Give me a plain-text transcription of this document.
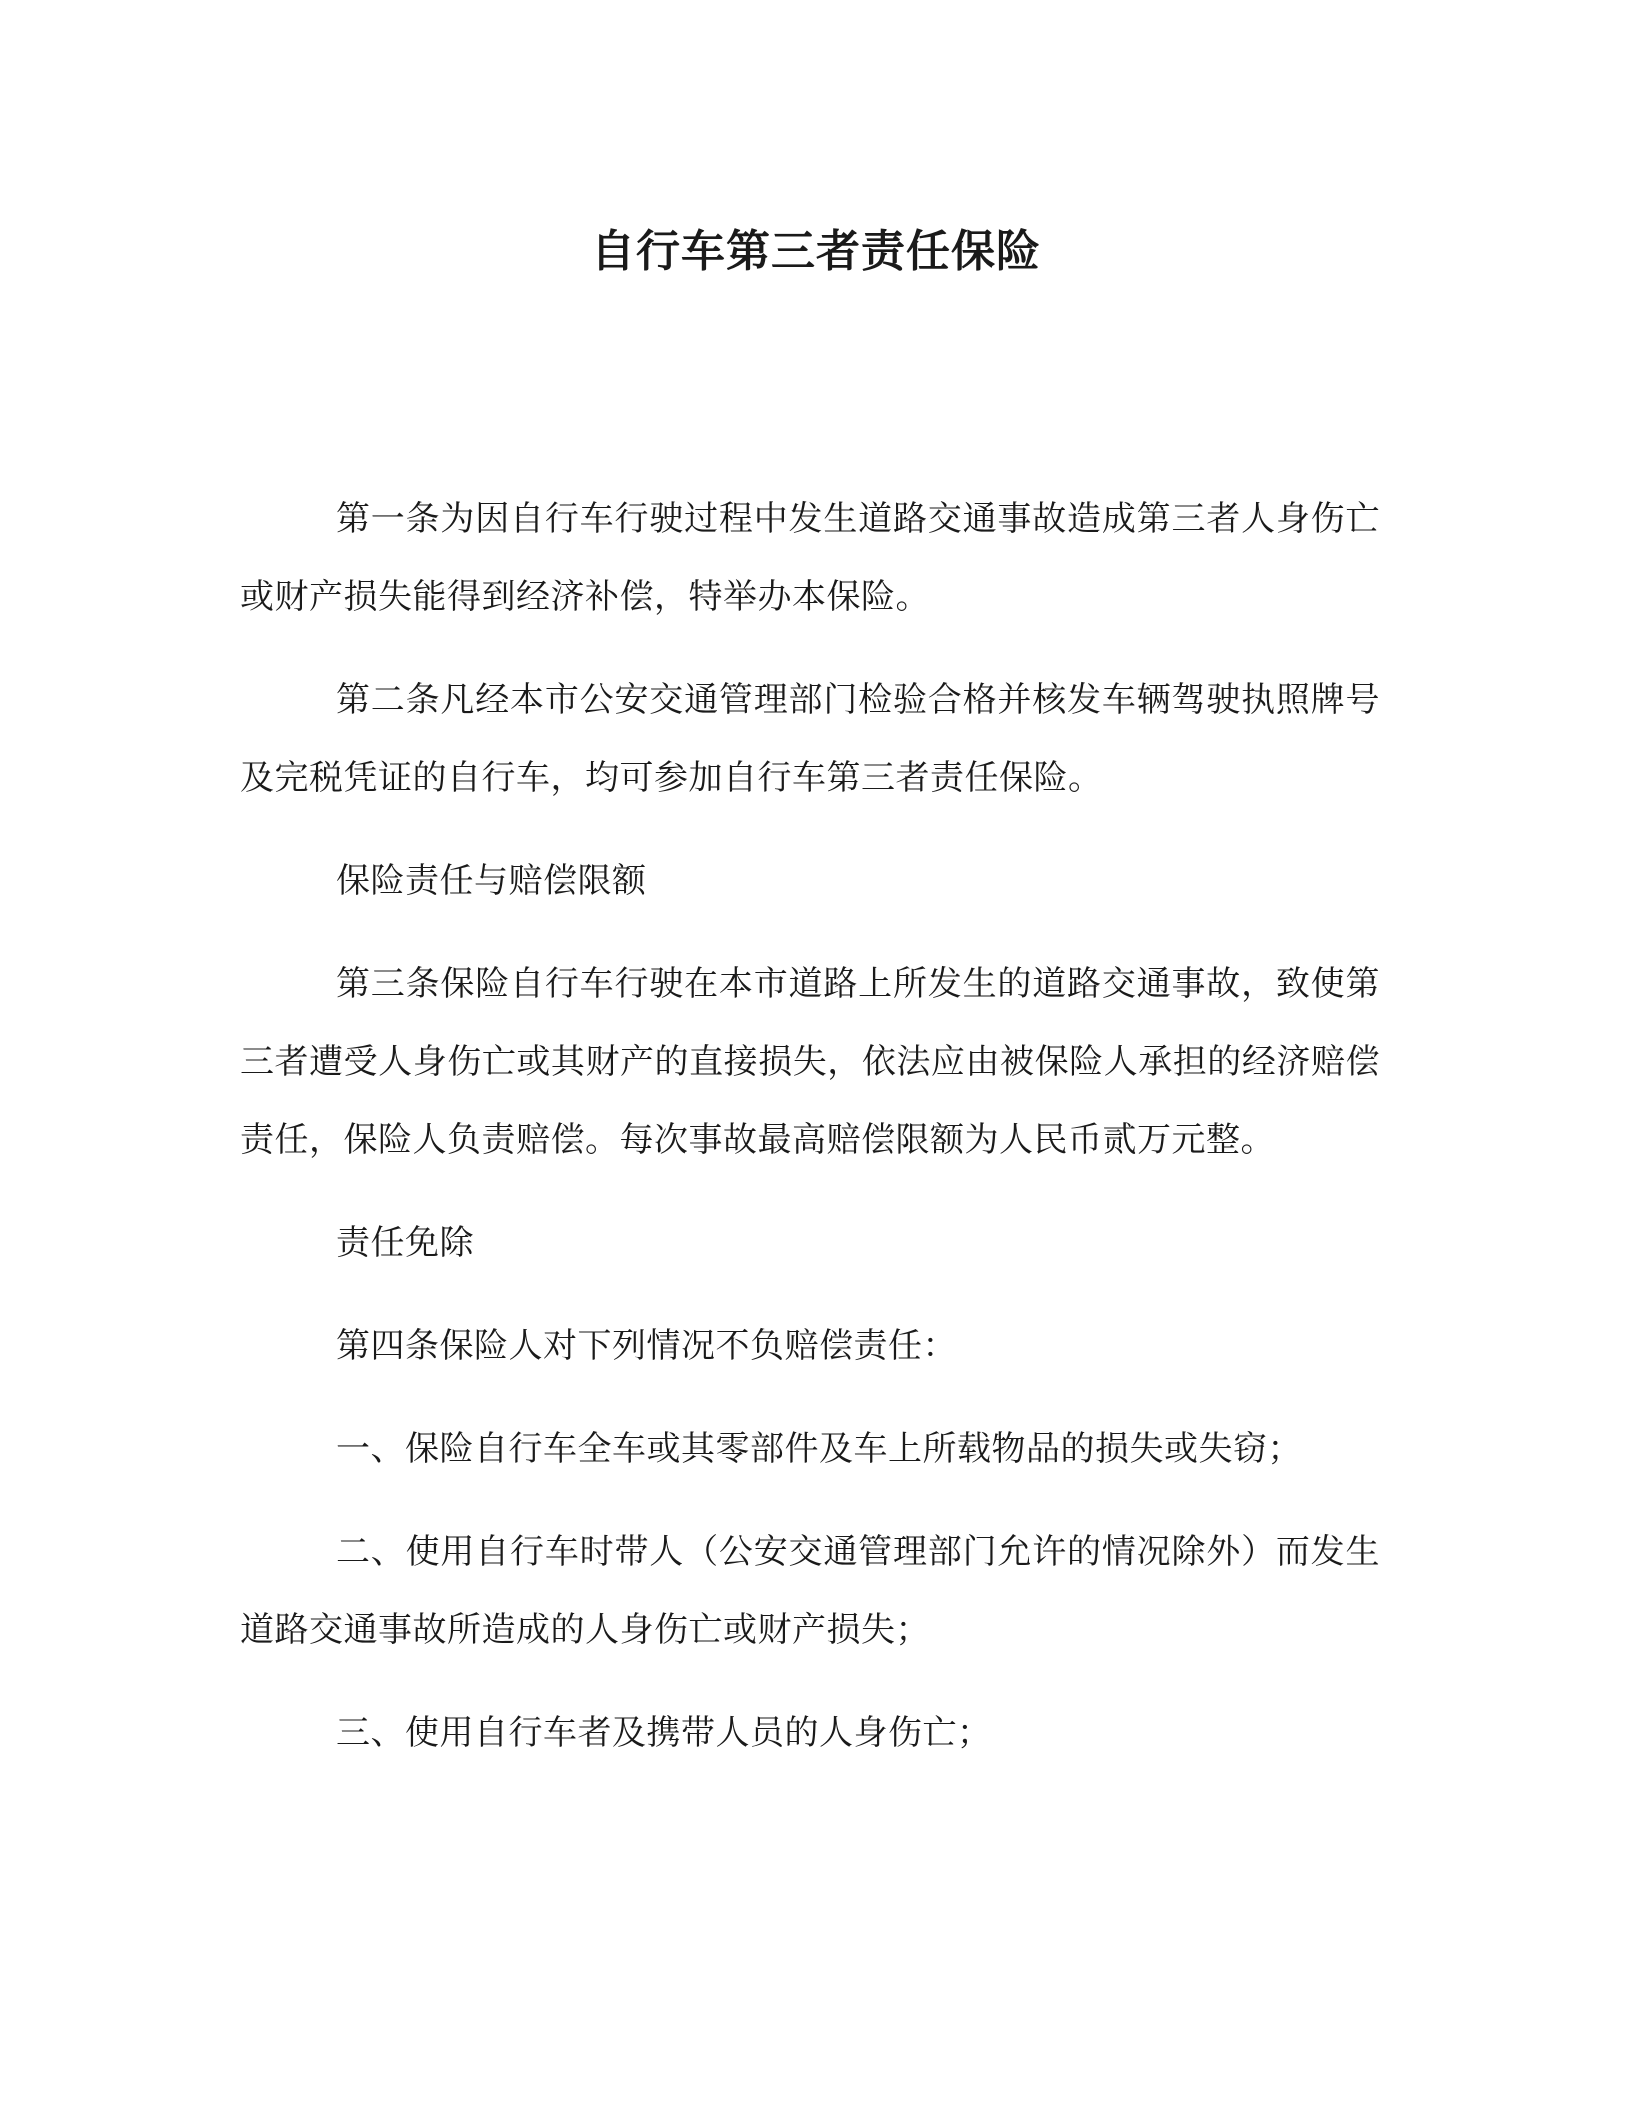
自行车第三者责任保险

第一条为因自行车行驶过程中发生道路交通事故造成第三者人身伤亡或财产损失能得到经济补偿，特举办本保险。

第二条凡经本市公安交通管理部门检验合格并核发车辆驾驶执照牌号及完税凭证的自行车，均可参加自行车第三者责任保险。

保险责任与赔偿限额

第三条保险自行车行驶在本市道路上所发生的道路交通事故，致使第三者遭受人身伤亡或其财产的直接损失，依法应由被保险人承担的经济赔偿责任，保险人负责赔偿。每次事故最高赔偿限额为人民币贰万元整。

责任免除

第四条保险人对下列情况不负赔偿责任：

一、保险自行车全车或其零部件及车上所载物品的损失或失窃；

二、使用自行车时带人（公安交通管理部门允许的情况除外）而发生道路交通事故所造成的人身伤亡或财产损失；

三、使用自行车者及携带人员的人身伤亡；
